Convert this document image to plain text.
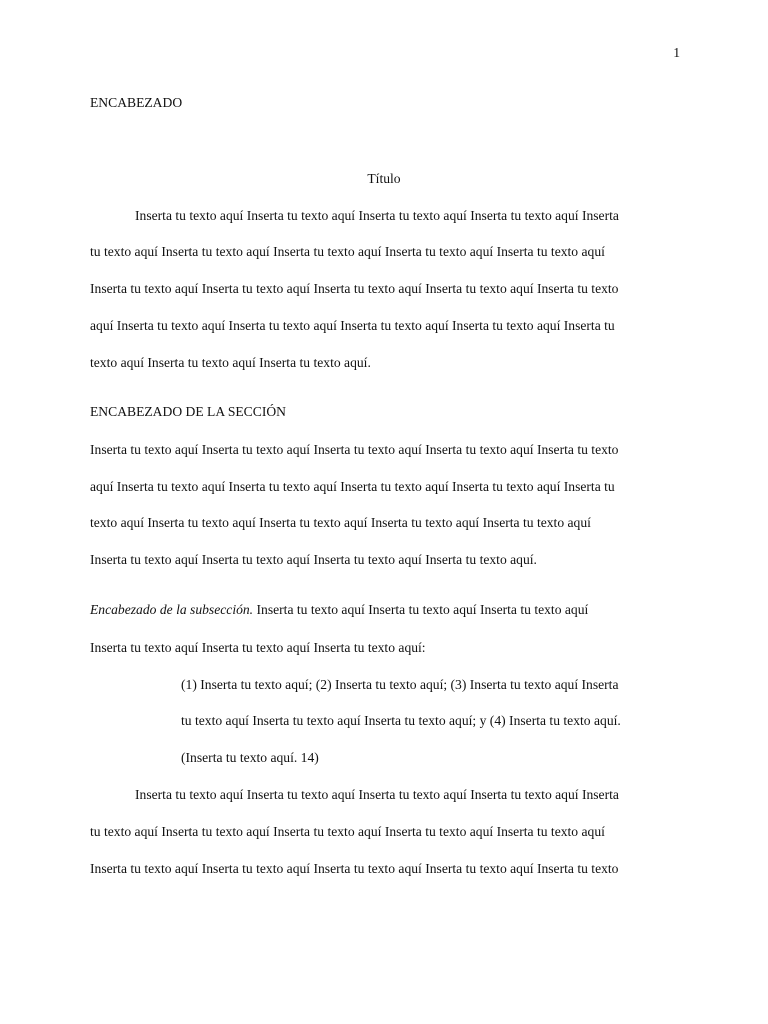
1
ENCABEZADO
Título
Inserta tu texto aquí Inserta tu texto aquí Inserta tu texto aquí Inserta tu texto aquí Inserta
tu texto aquí Inserta tu texto aquí Inserta tu texto aquí Inserta tu texto aquí Inserta tu texto aquí
Inserta tu texto aquí Inserta tu texto aquí Inserta tu texto aquí Inserta tu texto aquí Inserta tu texto
aquí Inserta tu texto aquí Inserta tu texto aquí Inserta tu texto aquí Inserta tu texto aquí Inserta tu
texto aquí Inserta tu texto aquí Inserta tu texto aquí.
ENCABEZADO DE LA SECCIÓN
Inserta tu texto aquí Inserta tu texto aquí Inserta tu texto aquí Inserta tu texto aquí Inserta tu texto
aquí Inserta tu texto aquí Inserta tu texto aquí Inserta tu texto aquí Inserta tu texto aquí Inserta tu
texto aquí Inserta tu texto aquí Inserta tu texto aquí Inserta tu texto aquí Inserta tu texto aquí
Inserta tu texto aquí Inserta tu texto aquí Inserta tu texto aquí Inserta tu texto aquí.
Encabezado de la subsección. Inserta tu texto aquí Inserta tu texto aquí Inserta tu texto aquí
Inserta tu texto aquí Inserta tu texto aquí Inserta tu texto aquí:
(1) Inserta tu texto aquí; (2) Inserta tu texto aquí; (3) Inserta tu texto aquí Inserta
tu texto aquí Inserta tu texto aquí Inserta tu texto aquí; y (4) Inserta tu texto aquí.
(Inserta tu texto aquí. 14)
Inserta tu texto aquí Inserta tu texto aquí Inserta tu texto aquí Inserta tu texto aquí Inserta
tu texto aquí Inserta tu texto aquí Inserta tu texto aquí Inserta tu texto aquí Inserta tu texto aquí
Inserta tu texto aquí Inserta tu texto aquí Inserta tu texto aquí Inserta tu texto aquí Inserta tu texto
